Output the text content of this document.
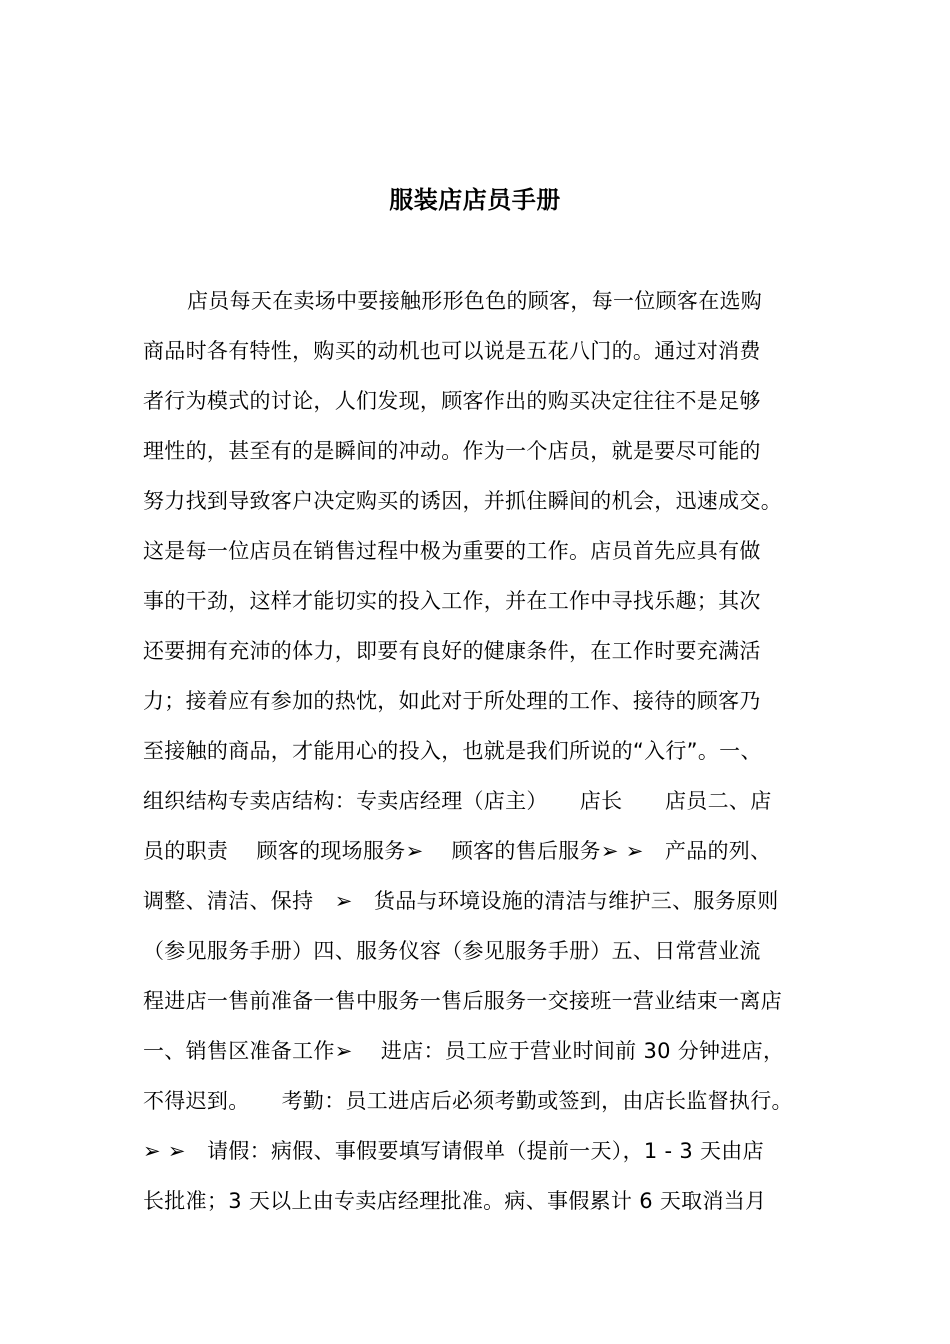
服装店店员手册
店员每天在卖场中要接触形形色色的顾客，每一位顾客在选购
商品时各有特性，购买的动机也可以说是五花八门的。通过对消费
者行为模式的讨论，人们发现，顾客作出的购买决定往往不是足够
理性的，甚至有的是瞬间的冲动。作为一个店员，就是要尽可能的
努力找到导致客户决定购买的诱因，并抓住瞬间的机会，迅速成交。
这是每一位店员在销售过程中极为重要的工作。店员首先应具有做
事的干劲，这样才能切实的投入工作，并在工作中寻找乐趣；其次
还要拥有充沛的体力，即要有良好的健康条件，在工作时要充满活
力；接着应有参加的热忱，如此对于所处理的工作、接待的顾客乃
至接触的商品，才能用心的投入，也就是我们所说的“入行”。一、
组织结构专卖店结构：专卖店经理（店主）　　店长　　店员二、店
员的职责　 顾客的现场服务➢　 顾客的售后服务➢ ➢　产品的列、
调整、清洁、保持　➢　货品与环境设施的清洁与维护三、服务原则
（参见服务手册）四、服务仪容（参见服务手册）五、日常营业流
程进店一售前准备一售中服务一售后服务一交接班一营业结束一离店
一、销售区准备工作➢　 进店：员工应于营业时间前 30 分钟进店，
不得迟到。　　考勤：员工进店后必须考勤或签到，由店长监督执行。
➢ ➢　请假：病假、事假要填写请假单（提前一天），1 - 3 天由店
长批准；3 天以上由专卖店经理批准。病、事假累计 6 天取消当月
